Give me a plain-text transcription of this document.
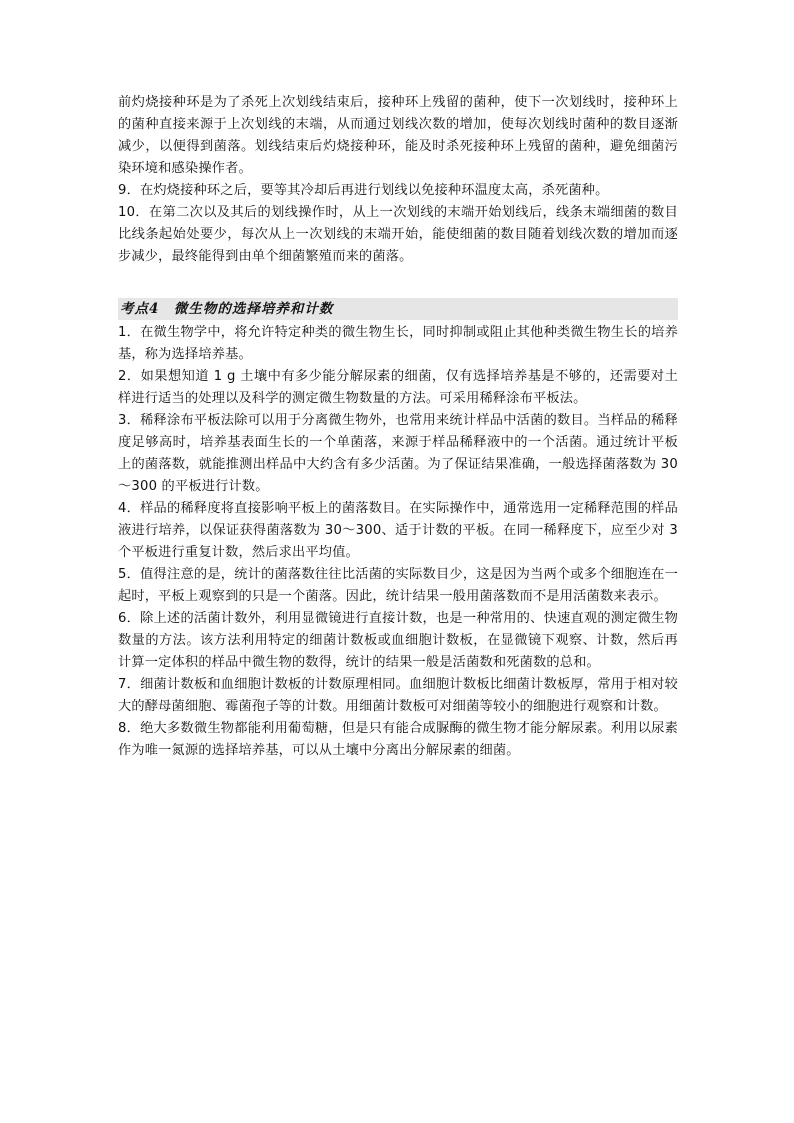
前灼烧接种环是为了杀死上次划线结束后，接种环上残留的菌种，使下一次划线时，接种环上的菌种直接来源于上次划线的末端，从而通过划线次数的增加，使每次划线时菌种的数目逐渐减少，以便得到菌落。划线结束后灼烧接种环，能及时杀死接种环上残留的菌种，避免细菌污染环境和感染操作者。

9．在灼烧接种环之后，要等其冷却后再进行划线以免接种环温度太高，杀死菌种。

10．在第二次以及其后的划线操作时，从上一次划线的末端开始划线后，线条末端细菌的数目比线条起始处要少，每次从上一次划线的末端开始，能使细菌的数目随着划线次数的增加而逐步减少，最终能得到由单个细菌繁殖而来的菌落。

考点4　微生物的选择培养和计数

1．在微生物学中，将允许特定种类的微生物生长，同时抑制或阻止其他种类微生物生长的培养基，称为选择培养基。

2．如果想知道 1 g 土壤中有多少能分解尿素的细菌，仅有选择培养基是不够的，还需要对土样进行适当的处理以及科学的测定微生物数量的方法。可采用稀释涂布平板法。

3．稀释涂布平板法除可以用于分离微生物外，也常用来统计样品中活菌的数目。当样品的稀释度足够高时，培养基表面生长的一个单菌落，来源于样品稀释液中的一个活菌。通过统计平板上的菌落数，就能推测出样品中大约含有多少活菌。为了保证结果准确，一般选择菌落数为 30～300 的平板进行计数。

4．样品的稀释度将直接影响平板上的菌落数目。在实际操作中，通常选用一定稀释范围的样品液进行培养，以保证获得菌落数为 30～300、适于计数的平板。在同一稀释度下，应至少对 3 个平板进行重复计数，然后求出平均值。

5．值得注意的是，统计的菌落数往往比活菌的实际数目少，这是因为当两个或多个细胞连在一起时，平板上观察到的只是一个菌落。因此，统计结果一般用菌落数而不是用活菌数来表示。

6．除上述的活菌计数外，利用显微镜进行直接计数，也是一种常用的、快速直观的测定微生物数量的方法。该方法利用特定的细菌计数板或血细胞计数板，在显微镜下观察、计数，然后再计算一定体积的样品中微生物的数得，统计的结果一般是活菌数和死菌数的总和。

7．细菌计数板和血细胞计数板的计数原理相同。血细胞计数板比细菌计数板厚，常用于相对较大的酵母菌细胞、霉菌孢子等的计数。用细菌计数板可对细菌等较小的细胞进行观察和计数。

8．绝大多数微生物都能利用葡萄糖，但是只有能合成脲酶的微生物才能分解尿素。利用以尿素作为唯一氮源的选择培养基，可以从土壤中分离出分解尿素的细菌。
